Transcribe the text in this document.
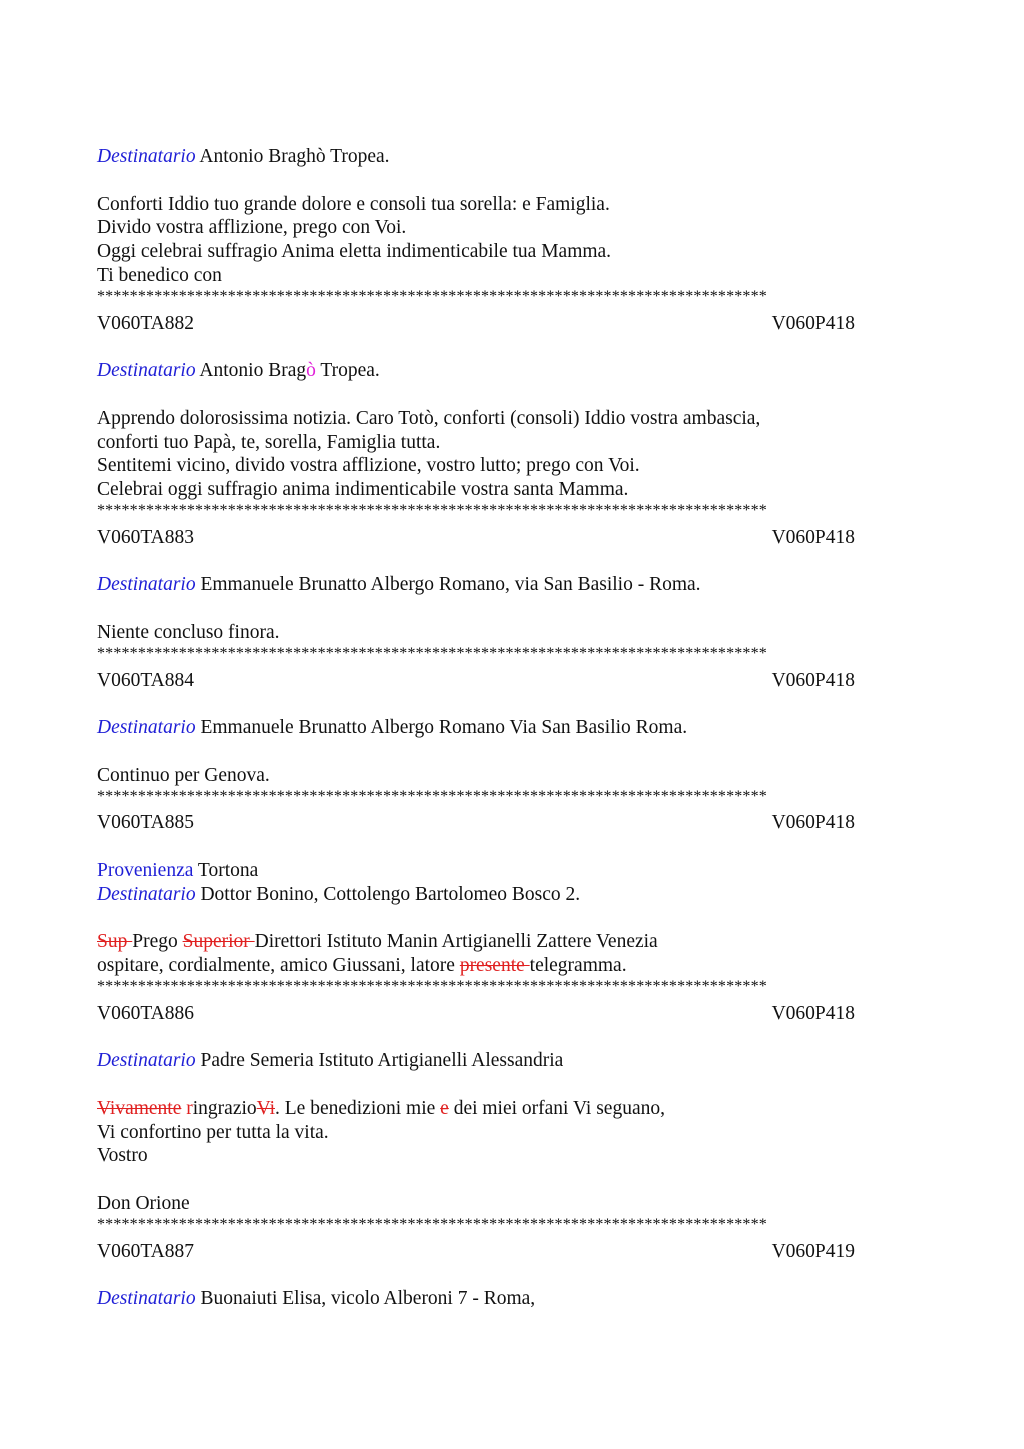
Destinatario Antonio Braghò Tropea.
Conforti Iddio tuo grande dolore e consoli tua sorella: e Famiglia.
Divido vostra afflizione, prego con Voi.
Oggi celebrai suffragio Anima eletta indimenticabile tua Mamma.
Ti benedico con
**********************************************************************************
V060TA882	V060P418
Destinatario Antonio Bragò Tropea.
Apprendo dolorosissima notizia. Caro Totò, conforti (consoli) Iddio vostra ambascia,
conforti tuo Papà, te, sorella, Famiglia tutta.
Sentitemi vicino, divido vostra afflizione, vostro lutto; prego con Voi.
Celebrai oggi suffragio anima indimenticabile vostra santa Mamma.
**********************************************************************************
V060TA883	V060P418
Destinatario Emmanuele Brunatto Albergo Romano, via San Basilio - Roma.
Niente concluso finora.
**********************************************************************************
V060TA884	V060P418
Destinatario Emmanuele Brunatto Albergo Romano Via San Basilio Roma.
Continuo per Genova.
**********************************************************************************
V060TA885	V060P418
Provenienza Tortona
Destinatario Dottor Bonino, Cottolengo Bartolomeo Bosco 2.
Sup Prego Superior Direttori Istituto Manin Artigianelli Zattere Venezia
ospitare, cordialmente, amico Giussani, latore presente telegramma.
**********************************************************************************
V060TA886	V060P418
Destinatario Padre Semeria Istituto Artigianelli Alessandria
Vivamente ringrazioVi. Le benedizioni mie e dei miei orfani Vi seguano,
Vi confortino per tutta la vita.
Vostro
Don Orione
**********************************************************************************
V060TA887	V060P419
Destinatario Buonaiuti Elisa, vicolo Alberoni 7 - Roma,
